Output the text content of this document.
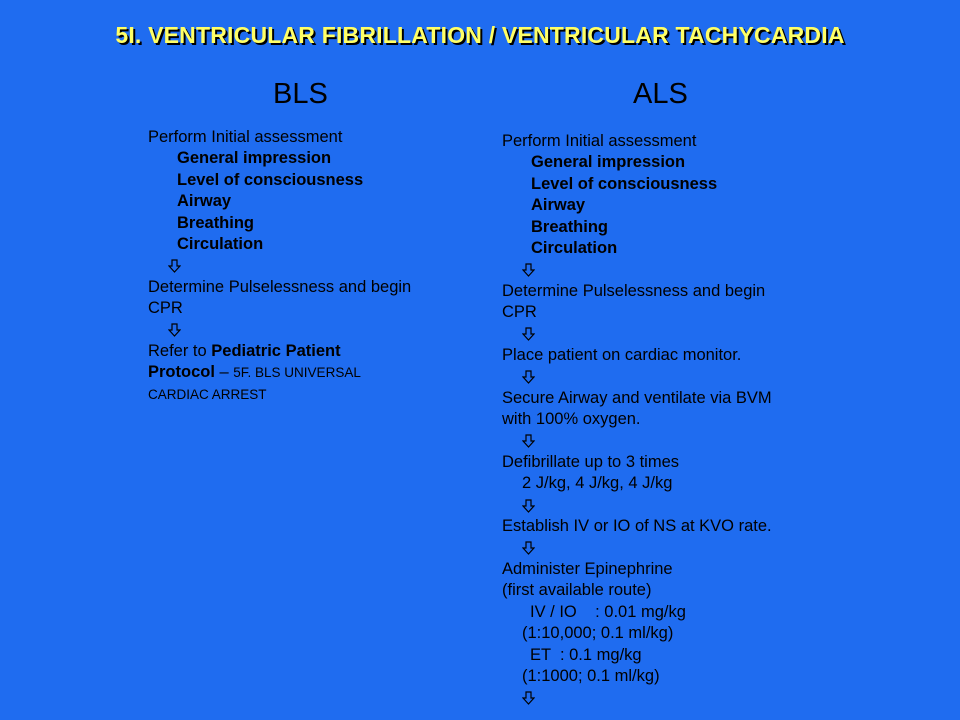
5I. VENTRICULAR FIBRILLATION / VENTRICULAR TACHYCARDIA
BLS	ALS
Perform Initial assessment
General impression
Level of consciousness
Airway
Breathing
Circulation
Determine Pulselessness and begin
CPR
Refer to Pediatric Patient
Protocol – 5F. BLS UNIVERSAL
CARDIAC ARREST
Perform Initial assessment
General impression
Level of consciousness
Airway
Breathing
Circulation
Determine Pulselessness and begin
CPR
Place patient on cardiac monitor.
Secure Airway and ventilate via BVM
with 100% oxygen.
Defibrillate up to 3 times
2 J/kg, 4 J/kg, 4 J/kg
Establish IV or IO of NS at KVO rate.
Administer Epinephrine
(first available route)
IV / IO    : 0.01 mg/kg
(1:10,000; 0.1 ml/kg)
ET  : 0.1 mg/kg
(1:1000; 0.1 ml/kg)
